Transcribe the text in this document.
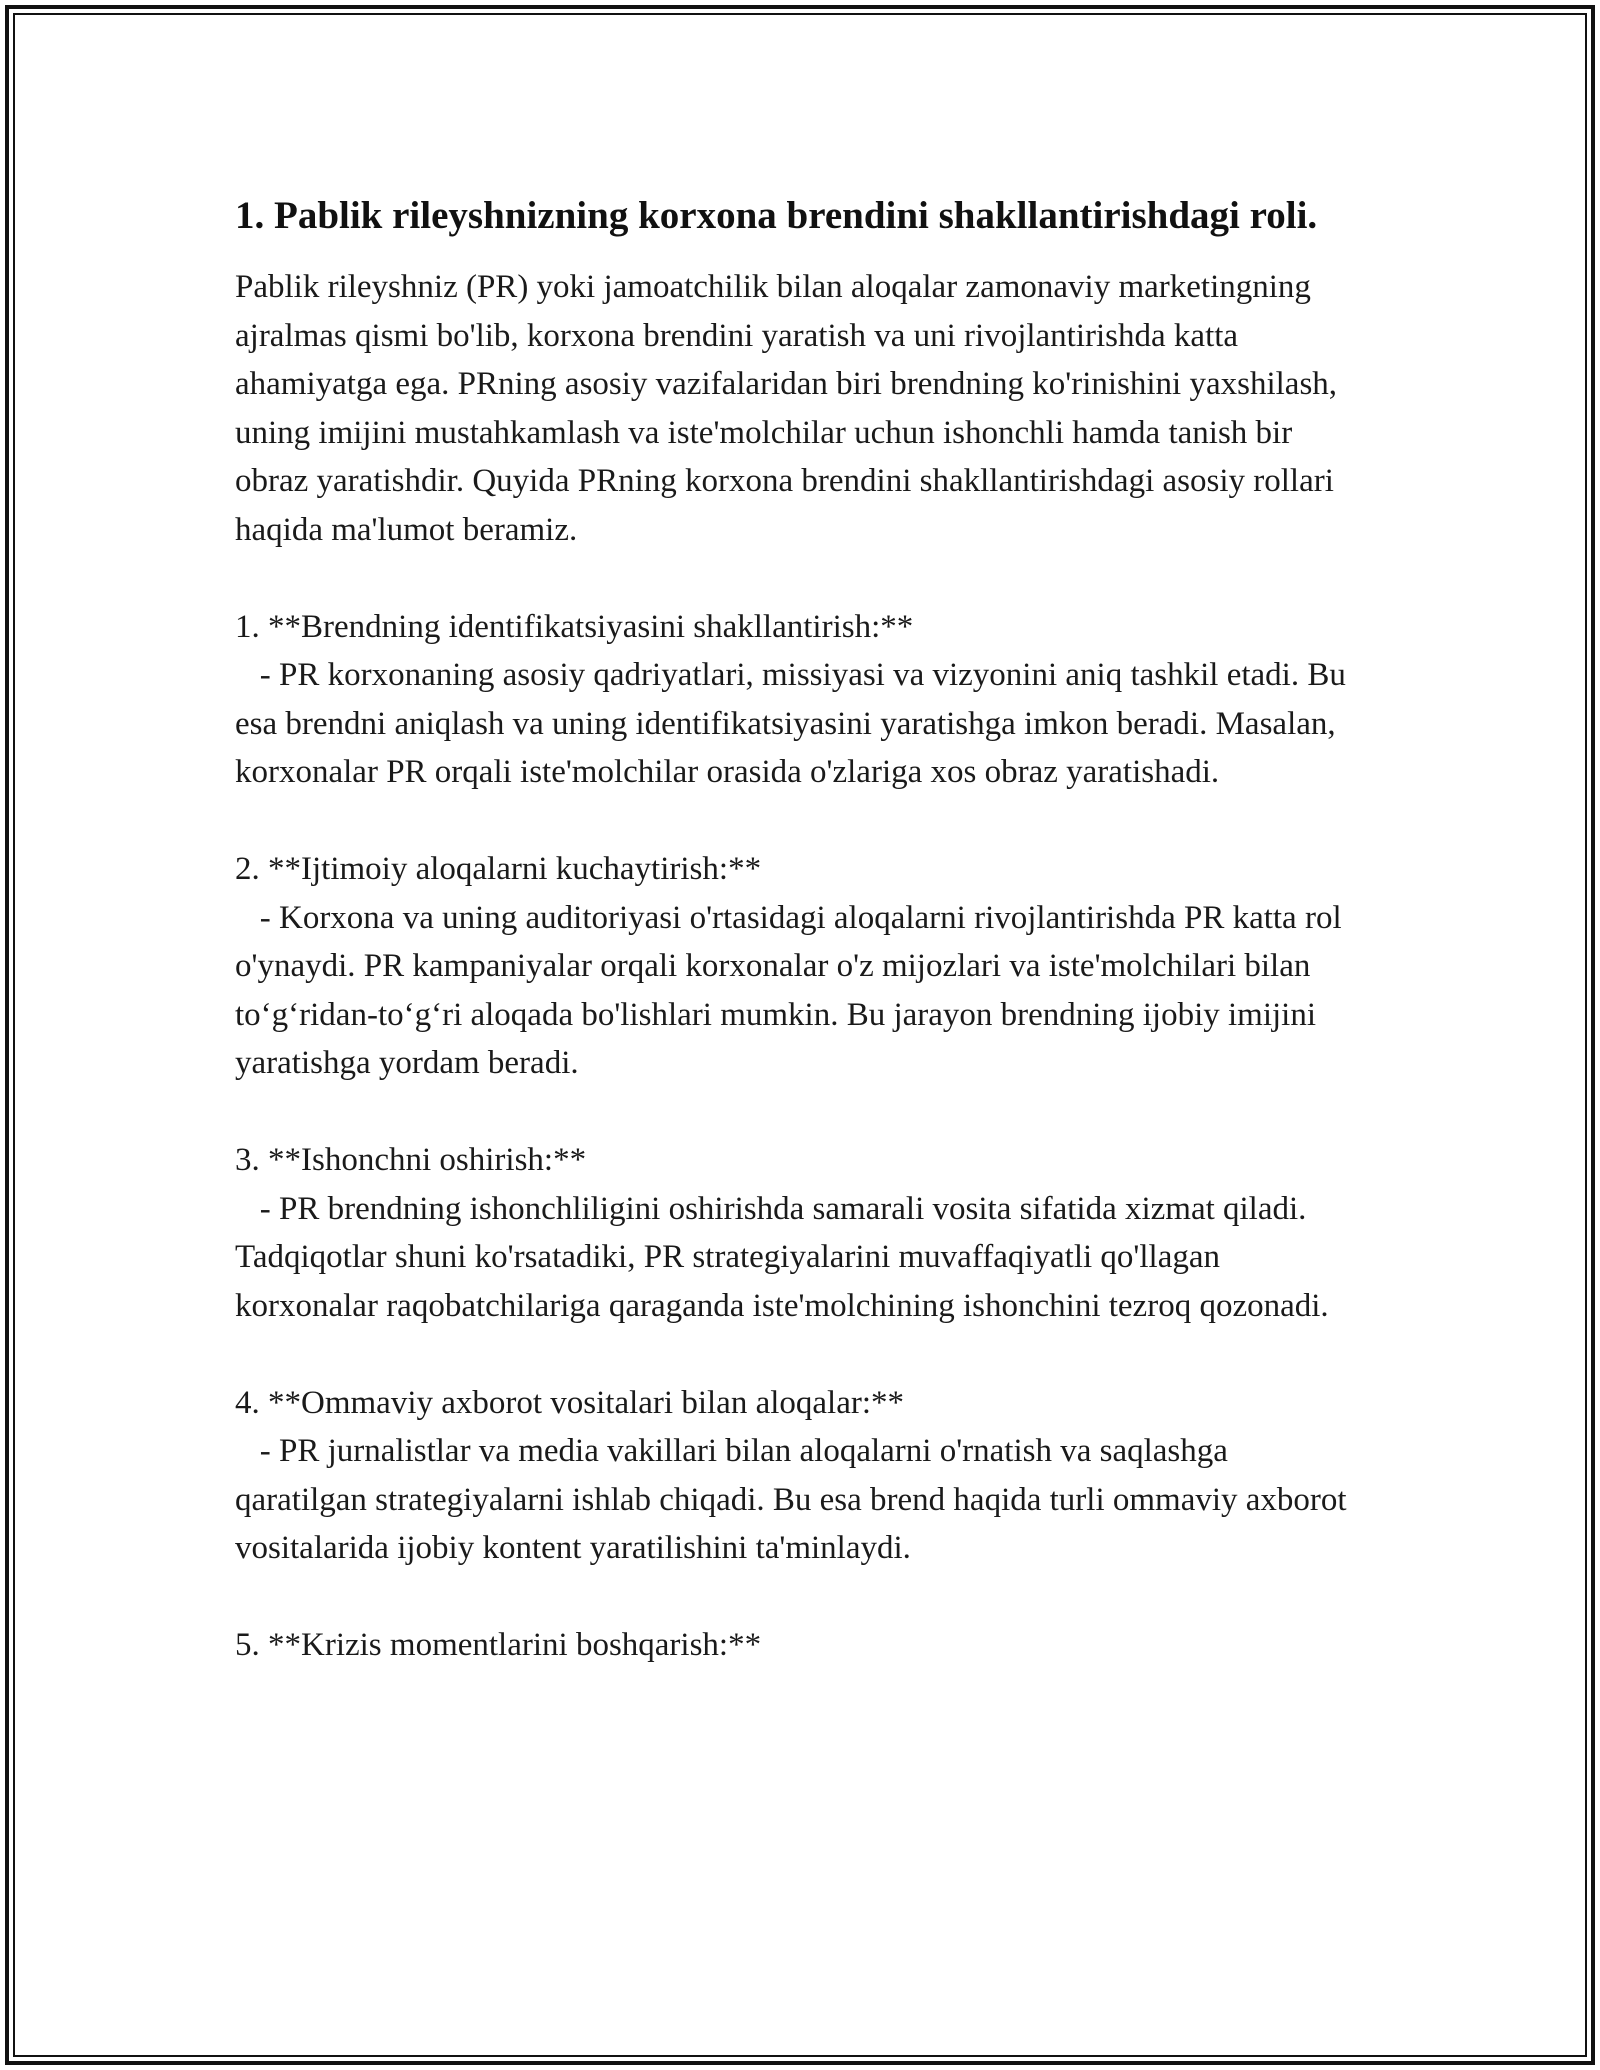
1. Pablik rileyshnizning korxona brendini shakllantirishdagi roli.

Pablik rileyshniz (PR) yoki jamoatchilik bilan aloqalar zamonaviy marketingning ajralmas qismi bo'lib, korxona brendini yaratish va uni rivojlantirishda katta ahamiyatga ega. PRning asosiy vazifalaridan biri brendning ko'rinishini yaxshilash, uning imijini mustahkamlash va iste'molchilar uchun ishonchli hamda tanish bir obraz yaratishdir. Quyida PRning korxona brendini shakllantirishdagi asosiy rollari haqida ma'lumot beramiz.

1. **Brendning identifikatsiyasini shakllantirish:**

- PR korxonaning asosiy qadriyatlari, missiyasi va vizyonini aniq tashkil etadi. Bu esa brendni aniqlash va uning identifikatsiyasini yaratishga imkon beradi. Masalan, korxonalar PR orqali iste'molchilar orasida o'zlariga xos obraz yaratishadi.

2. **Ijtimoiy aloqalarni kuchaytirish:**

- Korxona va uning auditoriyasi o'rtasidagi aloqalarni rivojlantirishda PR katta rol o'ynaydi. PR kampaniyalar orqali korxonalar o'z mijozlari va iste'molchilari bilan to‘g‘ridan-to‘g‘ri aloqada bo'lishlari mumkin. Bu jarayon brendning ijobiy imijini yaratishga yordam beradi.

3. **Ishonchni oshirish:**

- PR brendning ishonchliligini oshirishda samarali vosita sifatida xizmat qiladi. Tadqiqotlar shuni ko'rsatadiki, PR strategiyalarini muvaffaqiyatli qo'llagan korxonalar raqobatchilariga qaraganda iste'molchining ishonchini tezroq qozonadi.

4. **Ommaviy axborot vositalari bilan aloqalar:**

- PR jurnalistlar va media vakillari bilan aloqalarni o'rnatish va saqlashga qaratilgan strategiyalarni ishlab chiqadi. Bu esa brend haqida turli ommaviy axborot vositalarida ijobiy kontent yaratilishini ta'minlaydi.

5. **Krizis momentlarini boshqarish:**
